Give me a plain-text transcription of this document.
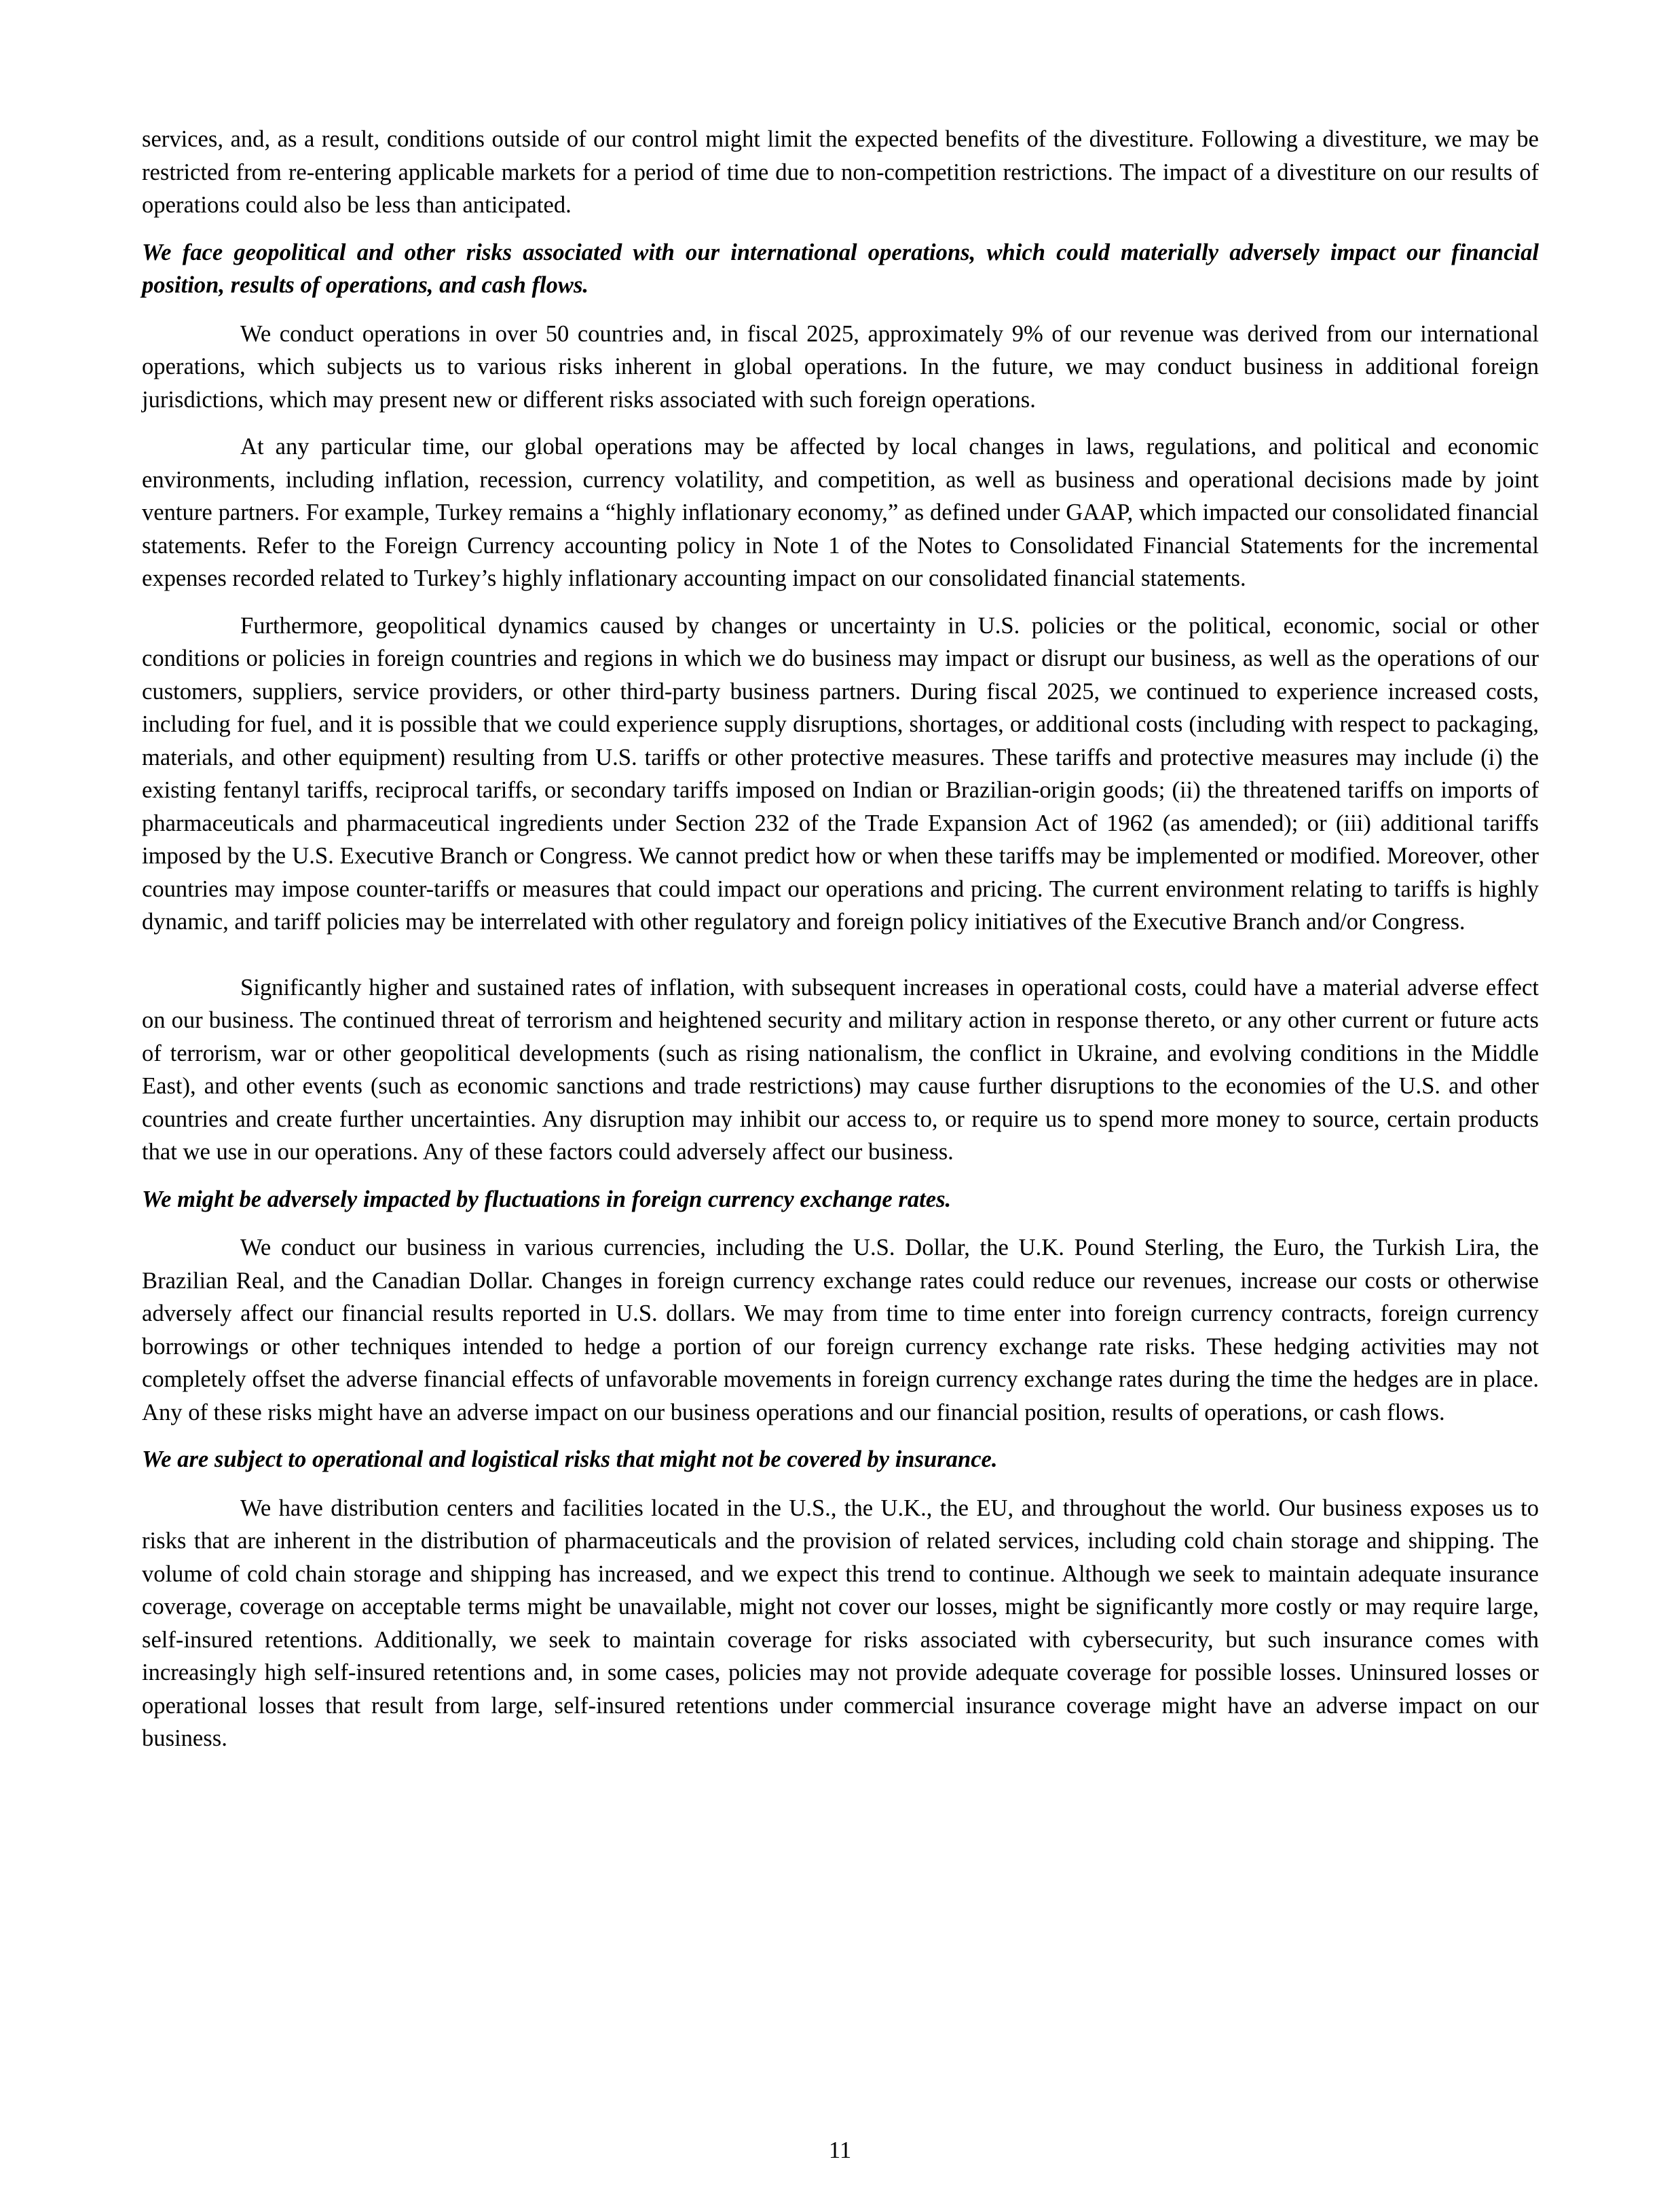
services, and, as a result, conditions outside of our control might limit the expected benefits of the divestiture. Following a divestiture, we may be restricted from re-entering applicable markets for a period of time due to non-competition restrictions. The impact of a divestiture on our results of operations could also be less than anticipated.

We face geopolitical and other risks associated with our international operations, which could materially adversely impact our financial position, results of operations, and cash flows.

We conduct operations in over 50 countries and, in fiscal 2025, approximately 9% of our revenue was derived from our international operations, which subjects us to various risks inherent in global operations. In the future, we may conduct business in additional foreign jurisdictions, which may present new or different risks associated with such foreign operations.

At any particular time, our global operations may be affected by local changes in laws, regulations, and political and economic environments, including inflation, recession, currency volatility, and competition, as well as business and operational decisions made by joint venture partners. For example, Turkey remains a “highly inflationary economy,” as defined under GAAP, which impacted our consolidated financial statements. Refer to the Foreign Currency accounting policy in Note 1 of the Notes to Consolidated Financial Statements for the incremental expenses recorded related to Turkey’s highly inflationary accounting impact on our consolidated financial statements.

Furthermore, geopolitical dynamics caused by changes or uncertainty in U.S. policies or the political, economic, social or other conditions or policies in foreign countries and regions in which we do business may impact or disrupt our business, as well as the operations of our customers, suppliers, service providers, or other third-party business partners. During fiscal 2025, we continued to experience increased costs, including for fuel, and it is possible that we could experience supply disruptions, shortages, or additional costs (including with respect to packaging, materials, and other equipment) resulting from U.S. tariffs or other protective measures. These tariffs and protective measures may include (i) the existing fentanyl tariffs, reciprocal tariffs, or secondary tariffs imposed on Indian or Brazilian-origin goods; (ii) the threatened tariffs on imports of pharmaceuticals and pharmaceutical ingredients under Section 232 of the Trade Expansion Act of 1962 (as amended); or (iii) additional tariffs imposed by the U.S. Executive Branch or Congress. We cannot predict how or when these tariffs may be implemented or modified. Moreover, other countries may impose counter-tariffs or measures that could impact our operations and pricing. The current environment relating to tariffs is highly dynamic, and tariff policies may be interrelated with other regulatory and foreign policy initiatives of the Executive Branch and/or Congress.

Significantly higher and sustained rates of inflation, with subsequent increases in operational costs, could have a material adverse effect on our business. The continued threat of terrorism and heightened security and military action in response thereto, or any other current or future acts of terrorism, war or other geopolitical developments (such as rising nationalism, the conflict in Ukraine, and evolving conditions in the Middle East), and other events (such as economic sanctions and trade restrictions) may cause further disruptions to the economies of the U.S. and other countries and create further uncertainties. Any disruption may inhibit our access to, or require us to spend more money to source, certain products that we use in our operations. Any of these factors could adversely affect our business.

We might be adversely impacted by fluctuations in foreign currency exchange rates.

We conduct our business in various currencies, including the U.S. Dollar, the U.K. Pound Sterling, the Euro, the Turkish Lira, the Brazilian Real, and the Canadian Dollar. Changes in foreign currency exchange rates could reduce our revenues, increase our costs or otherwise adversely affect our financial results reported in U.S. dollars. We may from time to time enter into foreign currency contracts, foreign currency borrowings or other techniques intended to hedge a portion of our foreign currency exchange rate risks. These hedging activities may not completely offset the adverse financial effects of unfavorable movements in foreign currency exchange rates during the time the hedges are in place. Any of these risks might have an adverse impact on our business operations and our financial position, results of operations, or cash flows.

We are subject to operational and logistical risks that might not be covered by insurance.

We have distribution centers and facilities located in the U.S., the U.K., the EU, and throughout the world. Our business exposes us to risks that are inherent in the distribution of pharmaceuticals and the provision of related services, including cold chain storage and shipping. The volume of cold chain storage and shipping has increased, and we expect this trend to continue. Although we seek to maintain adequate insurance coverage, coverage on acceptable terms might be unavailable, might not cover our losses, might be significantly more costly or may require large, self-insured retentions. Additionally, we seek to maintain coverage for risks associated with cybersecurity, but such insurance comes with increasingly high self-insured retentions and, in some cases, policies may not provide adequate coverage for possible losses. Uninsured losses or operational losses that result from large, self-insured retentions under commercial insurance coverage might have an adverse impact on our business.

11
